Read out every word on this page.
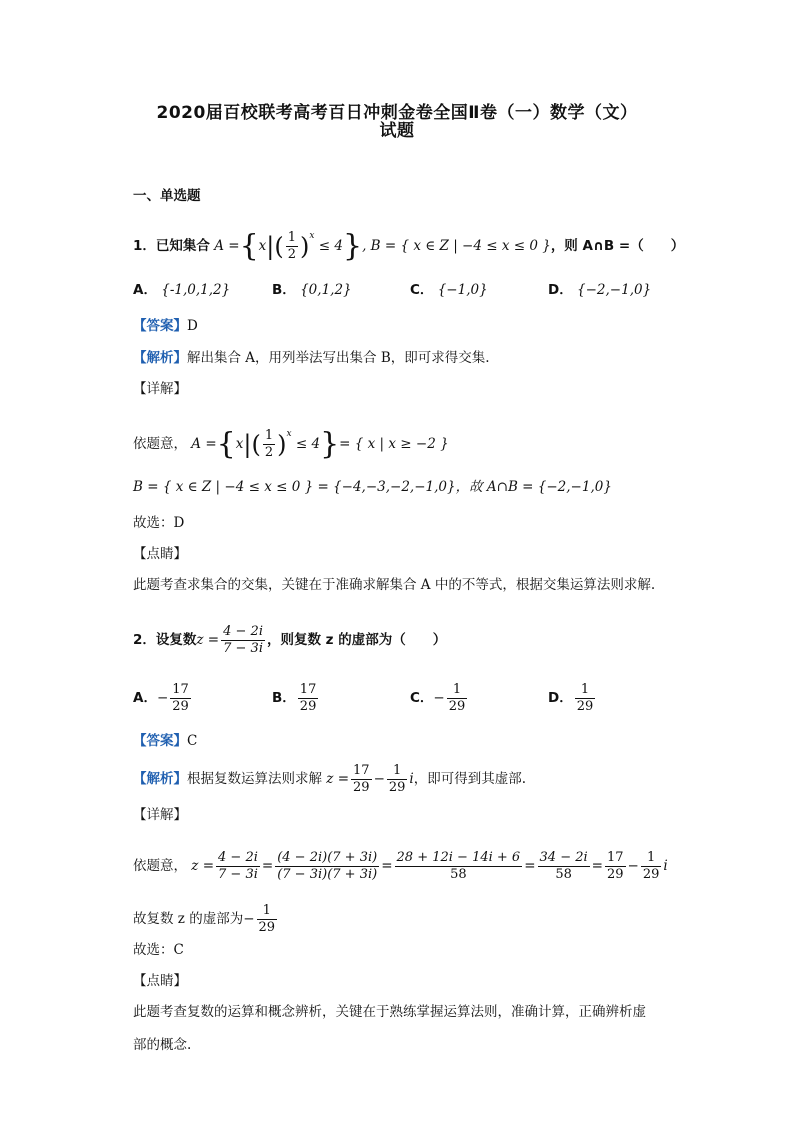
2020届百校联考高考百日冲刺金卷全国Ⅱ卷（一）数学（文）
试题
一、单选题
1．已知集合 $A =\{x|( \frac{1}{2} )^x \le 4\}$, B = { x ∈ Z | −4 ≤ x ≤ 0 }，则 A∩B =（　　）
A． {-1,0,1,2}	B． {0,1,2}	C． {−1,0}	D． {−2,−1,0}
【答案】D
【解析】解出集合 A，用列举法写出集合 B，即可求得交集.
【详解】
依题意， $A =\{x|( \frac{1}{2} )^x \le 4\}=$ { x | x ≥ −2 }
B = { x ∈ Z | −4 ≤ x ≤ 0 } = {−4,−3,−2,−1,0}，故 A∩B = {−2,−1,0}
故选：D
【点睛】
此题考查求集合的交集，关键在于准确求解集合 A 中的不等式，根据交集运算法则求解.
2．设复数$z = \frac{4 - 2i}{7 - 3i}$ ，则复数 z 的虚部为（　　）
A．− $\frac{17}{29}$	B． $\frac{17}{29}$	C．− $\frac{1}{29}$	D． $\frac{1}{29}$
【答案】C
【解析】根据复数运算法则求解 $z = \frac{17}{29} - \frac{1}{29}$ i，即可得到其虚部.
【详解】
依题意， $z = \frac{4 - 2i}{7 - 3i} = \frac{(4 - 2i)(7 + 3i)}{(7 - 3i)(7 + 3i)} = \frac{28 + 12i - 14i + 6}{58} = \frac{34 - 2i}{58} = \frac{17}{29} - \frac{1}{29}$ i
故复数 z 的虚部为− $\frac{1}{29}$
故选：C
【点睛】
此题考查复数的运算和概念辨析，关键在于熟练掌握运算法则，准确计算，正确辨析虚
部的概念.
